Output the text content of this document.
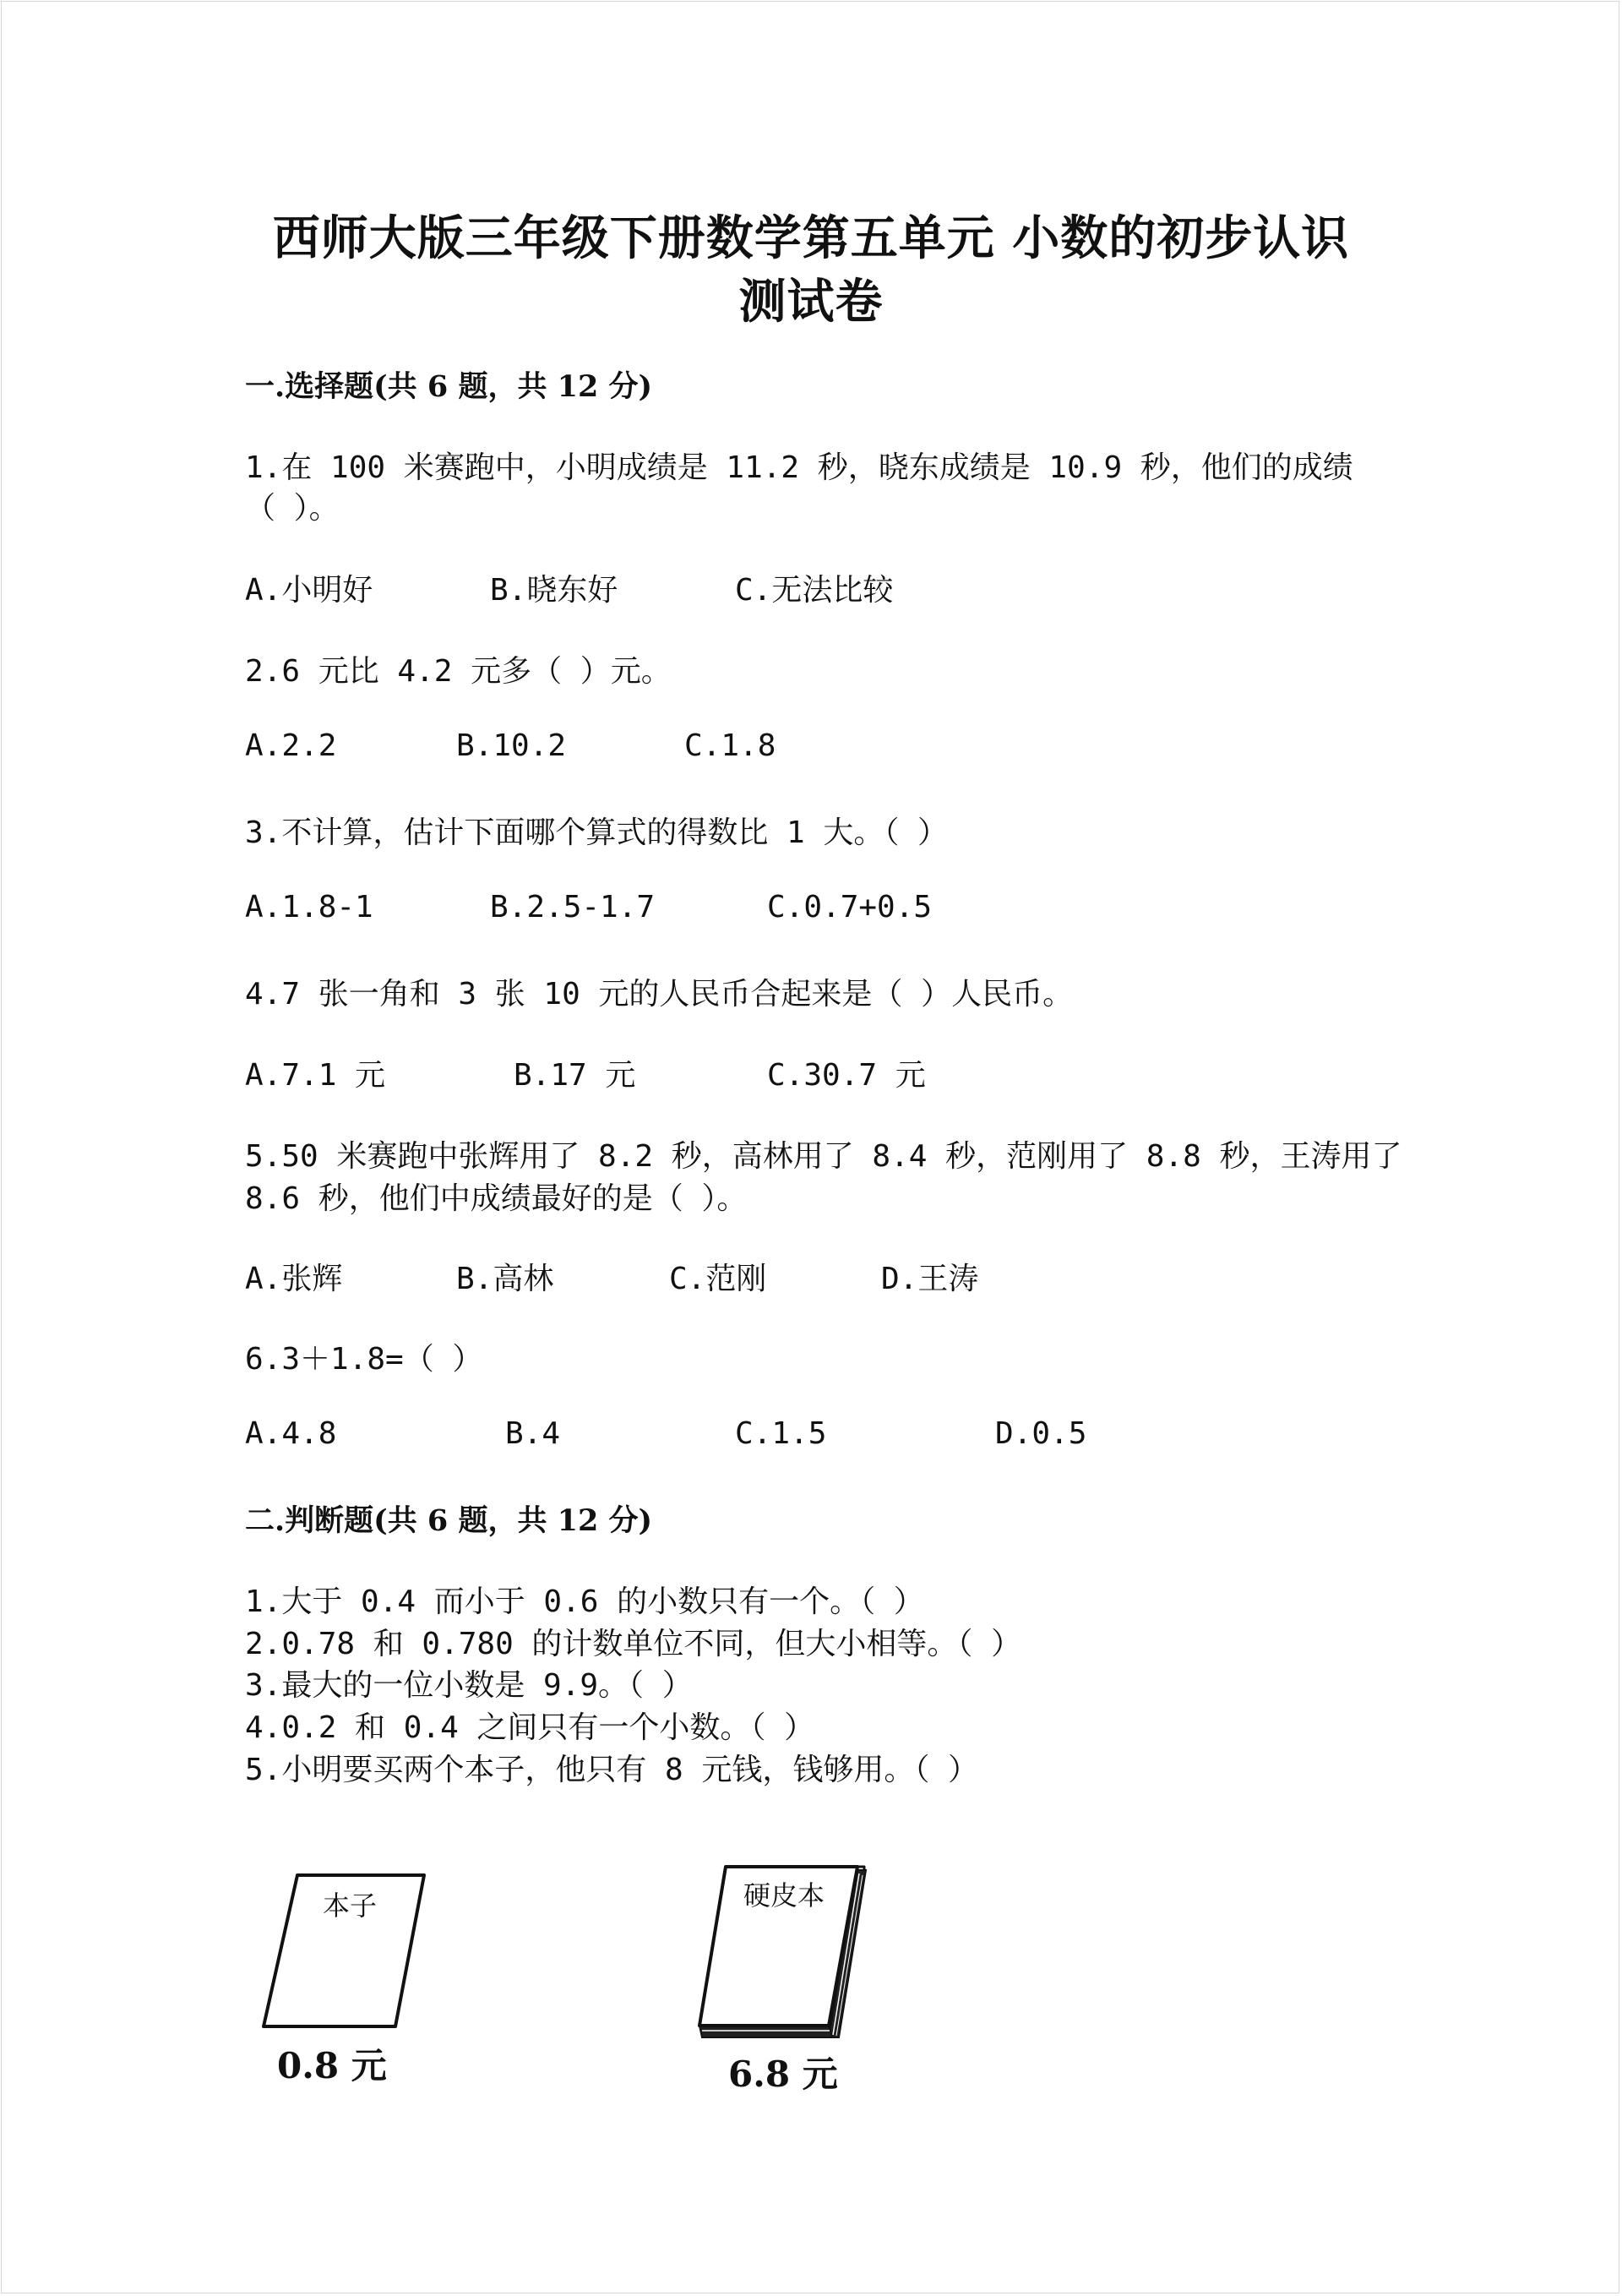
西师大版三年级下册数学第五单元 小数的初步认识
测试卷
一.选择题(共 6 题，共 12 分)
1.在 100 米赛跑中，小明成绩是 11.2 秒，晓东成绩是 10.9 秒，他们的成绩
（ ）。
A.小明好	B.晓东好	C.无法比较
2.6 元比 4.2 元多（ ）元。
A.2.2	B.10.2	C.1.8
3.不计算，估计下面哪个算式的得数比 1 大。（ ）
A.1.8-1	B.2.5-1.7	C.0.7+0.5
4.7 张一角和 3 张 10 元的人民币合起来是（ ）人民币。
A.7.1 元	B.17 元	C.30.7 元
5.50 米赛跑中张辉用了 8.2 秒，高林用了 8.4 秒，范刚用了 8.8 秒，王涛用了
8.6 秒，他们中成绩最好的是（ ）。
A.张辉	B.高林	C.范刚	D.王涛
6.3＋1.8=（ ）
A.4.8	B.4	C.1.5	D.0.5
二.判断题(共 6 题，共 12 分)
1.大于 0.4 而小于 0.6 的小数只有一个。（ ）
2.0.78 和 0.780 的计数单位不同，但大小相等。（ ）
3.最大的一位小数是 9.9。（ ）
4.0.2 和 0.4 之间只有一个小数。（ ）
5.小明要买两个本子，他只有 8 元钱，钱够用。（ ）
本子
0.8 元
硬皮本
6.8 元
